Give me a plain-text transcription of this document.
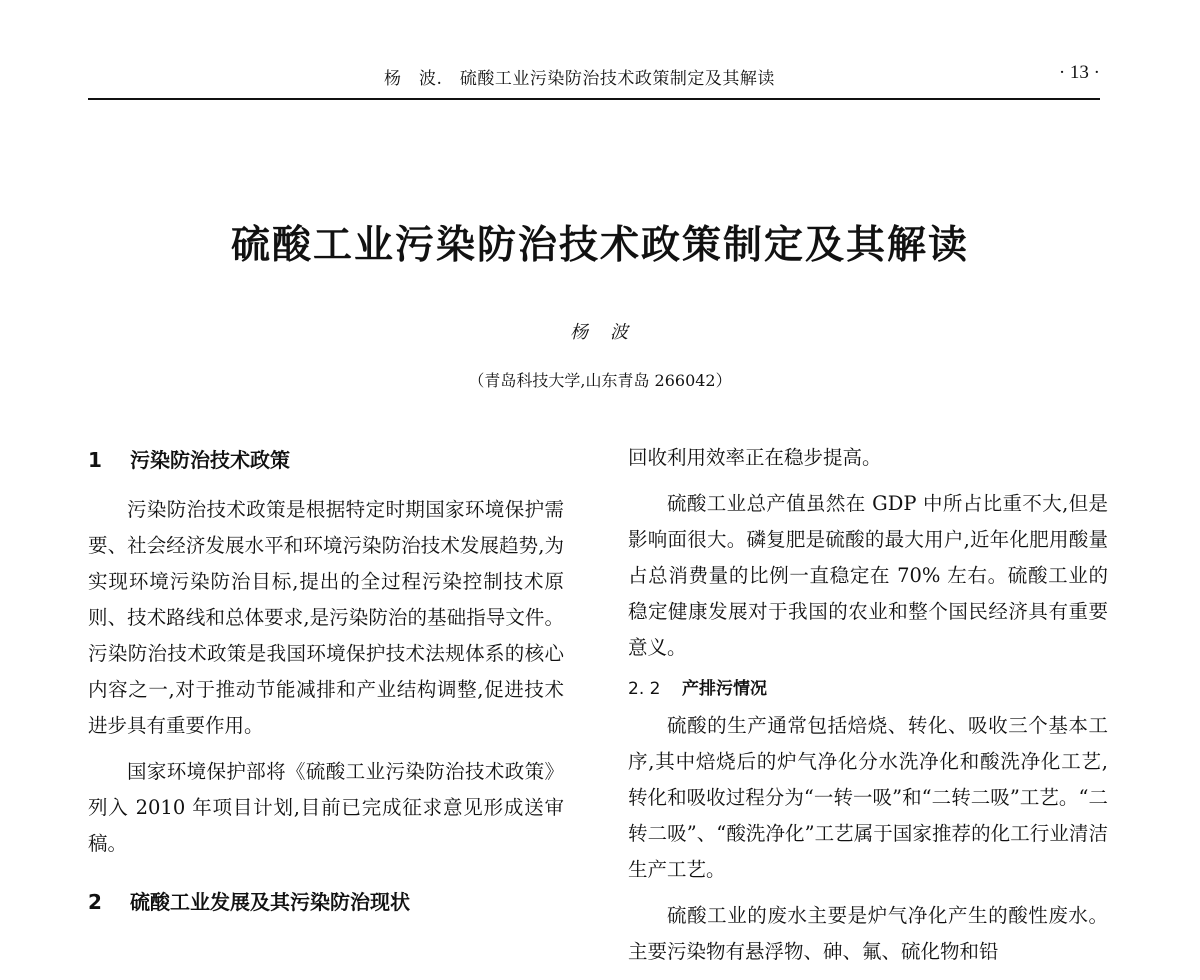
杨　波.　硫酸工业污染防治技术政策制定及其解读	· 13 ·
硫酸工业污染防治技术政策制定及其解读
杨　波
（青岛科技大学,山东青岛 266042）
1 污染防治技术政策

污染防治技术政策是根据特定时期国家环境保护需要、社会经济发展水平和环境污染防治技术发展趋势,为实现环境污染防治目标,提出的全过程污染控制技术原则、技术路线和总体要求,是污染防治的基础指导文件。污染防治技术政策是我国环境保护技术法规体系的核心内容之一,对于推动节能减排和产业结构调整,促进技术进步具有重要作用。

国家环境保护部将《硫酸工业污染防治技术政策》列入 2010 年项目计划,目前已完成征求意见形成送审稿。

2 硫酸工业发展及其污染防治现状

回收利用效率正在稳步提高。

硫酸工业总产值虽然在 GDP 中所占比重不大,但是影响面很大。磷复肥是硫酸的最大用户,近年化肥用酸量占总消费量的比例一直稳定在 70% 左右。硫酸工业的稳定健康发展对于我国的农业和整个国民经济具有重要意义。

2. 2 产排污情况

硫酸的生产通常包括焙烧、转化、吸收三个基本工序,其中焙烧后的炉气净化分水洗净化和酸洗净化工艺,转化和吸收过程分为“一转一吸”和“二转二吸”工艺。“二转二吸”、“酸洗净化”工艺属于国家推荐的化工行业清洁生产工艺。

硫酸工业的废水主要是炉气净化产生的酸性废水。主要污染物有悬浮物、砷、氟、硫化物和铅
